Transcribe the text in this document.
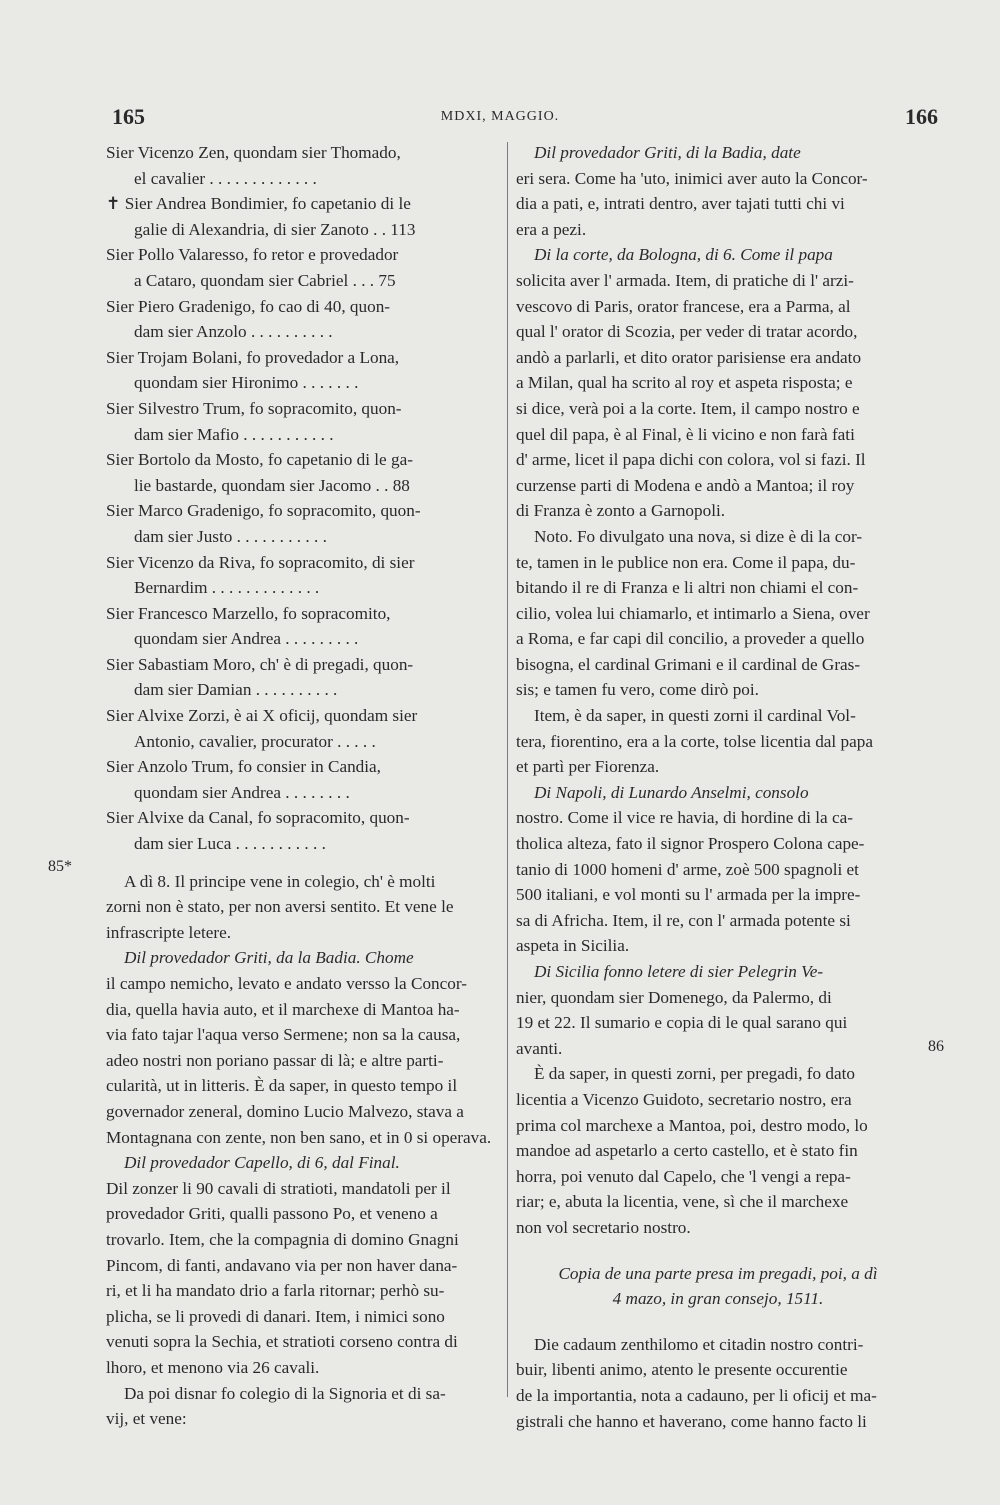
165	MDXI, MAGGIO.	166
85*
86
Sier Vicenzo Zen, quondam sier Thomado,
el cavalier . . . . . . . . . . . . .
✝ Sier Andrea Bondimier, fo capetanio di le
galie di Alexandria, di sier Zanoto . . 113
Sier Pollo Valaresso, fo retor e provedador
a Cataro, quondam sier Cabriel . . . 75
Sier Piero Gradenigo, fo cao di 40, quon-
dam sier Anzolo . . . . . . . . . .
Sier Trojam Bolani, fo provedador a Lona,
quondam sier Hironimo . . . . . . .
Sier Silvestro Trum, fo sopracomito, quon-
dam sier Mafio . . . . . . . . . . .
Sier Bortolo da Mosto, fo capetanio di le ga-
lie bastarde, quondam sier Jacomo . . 88
Sier Marco Gradenigo, fo sopracomito, quon-
dam sier Justo . . . . . . . . . . .
Sier Vicenzo da Riva, fo sopracomito, di sier
Bernardim . . . . . . . . . . . . .
Sier Francesco Marzello, fo sopracomito,
quondam sier Andrea . . . . . . . . .
Sier Sabastiam Moro, ch' è di pregadi, quon-
dam sier Damian . . . . . . . . . .
Sier Alvixe Zorzi, è ai X oficij, quondam sier
Antonio, cavalier, procurator . . . . .
Sier Anzolo Trum, fo consier in Candia,
quondam sier Andrea . . . . . . . .
Sier Alvixe da Canal, fo sopracomito, quon-
dam sier Luca . . . . . . . . . . .
A dì 8. Il principe vene in colegio, ch' è molti
zorni non è stato, per non aversi sentito. Et vene le
infrascripte letere.
Dil provedador Griti, da la Badia. Chome
il campo nemicho, levato e andato versso la Concor-
dia, quella havia auto, et il marchexe di Mantoa ha-
via fato tajar l'aqua verso Sermene; non sa la causa,
adeo nostri non poriano passar di là; e altre parti-
cularità, ut in litteris. È da saper, in questo tempo il
governador zeneral, domino Lucio Malvezo, stava a
Montagnana con zente, non ben sano, et in 0 si operava.
Dil provedador Capello, di 6, dal Final.
Dil zonzer li 90 cavali di stratioti, mandatoli per il
provedador Griti, qualli passono Po, et veneno a
trovarlo. Item, che la compagnia di domino Gnagni
Pincom, di fanti, andavano via per non haver dana-
ri, et li ha mandato drio a farla ritornar; perhò su-
plicha, se li provedi di danari. Item, i nimici sono
venuti sopra la Sechia, et stratioti corseno contra di
lhoro, et menono via 26 cavali.
Da poi disnar fo colegio di la Signoria et di sa-
vij, et vene:
Dil provedador Griti, di la Badia, date
eri sera. Come ha 'uto, inimici aver auto la Concor-
dia a pati, e, intrati dentro, aver tajati tutti chi vi
era a pezi.
Di la corte, da Bologna, di 6. Come il papa
solicita aver l' armada. Item, di pratiche di l' arzi-
vescovo di Paris, orator francese, era a Parma, al
qual l' orator di Scozia, per veder di tratar acordo,
andò a parlarli, et dito orator parisiense era andato
a Milan, qual ha scrito al roy et aspeta risposta; e
si dice, verà poi a la corte. Item, il campo nostro e
quel dil papa, è al Final, è li vicino e non farà fati
d' arme, licet il papa dichi con colora, vol si fazi. Il
curzense parti di Modena e andò a Mantoa; il roy
di Franza è zonto a Garnopoli.
Noto. Fo divulgato una nova, si dize è di la cor-
te, tamen in le publice non era. Come il papa, du-
bitando il re di Franza e li altri non chiami el con-
cilio, volea lui chiamarlo, et intimarlo a Siena, over
a Roma, e far capi dil concilio, a proveder a quello
bisogna, el cardinal Grimani e il cardinal de Gras-
sis; e tamen fu vero, come dirò poi.
Item, è da saper, in questi zorni il cardinal Vol-
tera, fiorentino, era a la corte, tolse licentia dal papa
et partì per Fiorenza.
Di Napoli, di Lunardo Anselmi, consolo
nostro. Come il vice re havia, di hordine di la ca-
tholica alteza, fato il signor Prospero Colona cape-
tanio di 1000 homeni d' arme, zoè 500 spagnoli et
500 italiani, e vol monti su l' armada per la impre-
sa di Africha. Item, il re, con l' armada potente si
aspeta in Sicilia.
Di Sicilia fonno letere di sier Pelegrin Ve-
nier, quondam sier Domenego, da Palermo, di
19 et 22. Il sumario e copia di le qual sarano qui
avanti.
È da saper, in questi zorni, per pregadi, fo dato
licentia a Vicenzo Guidoto, secretario nostro, era
prima col marchexe a Mantoa, poi, destro modo, lo
mandoe ad aspetarlo a certo castello, et è stato fin
horra, poi venuto dal Capelo, che 'l vengi a repa-
riar; e, abuta la licentia, vene, sì che il marchexe
non vol secretario nostro.
Copia de una parte presa im pregadi, poi, a dì
4 mazo, in gran consejo, 1511.
Die cadaum zenthilomo et citadin nostro contri-
buir, libenti animo, atento le presente occurentie
de la importantia, nota a cadauno, per li oficij et ma-
gistrali che hanno et haverano, come hanno facto li
